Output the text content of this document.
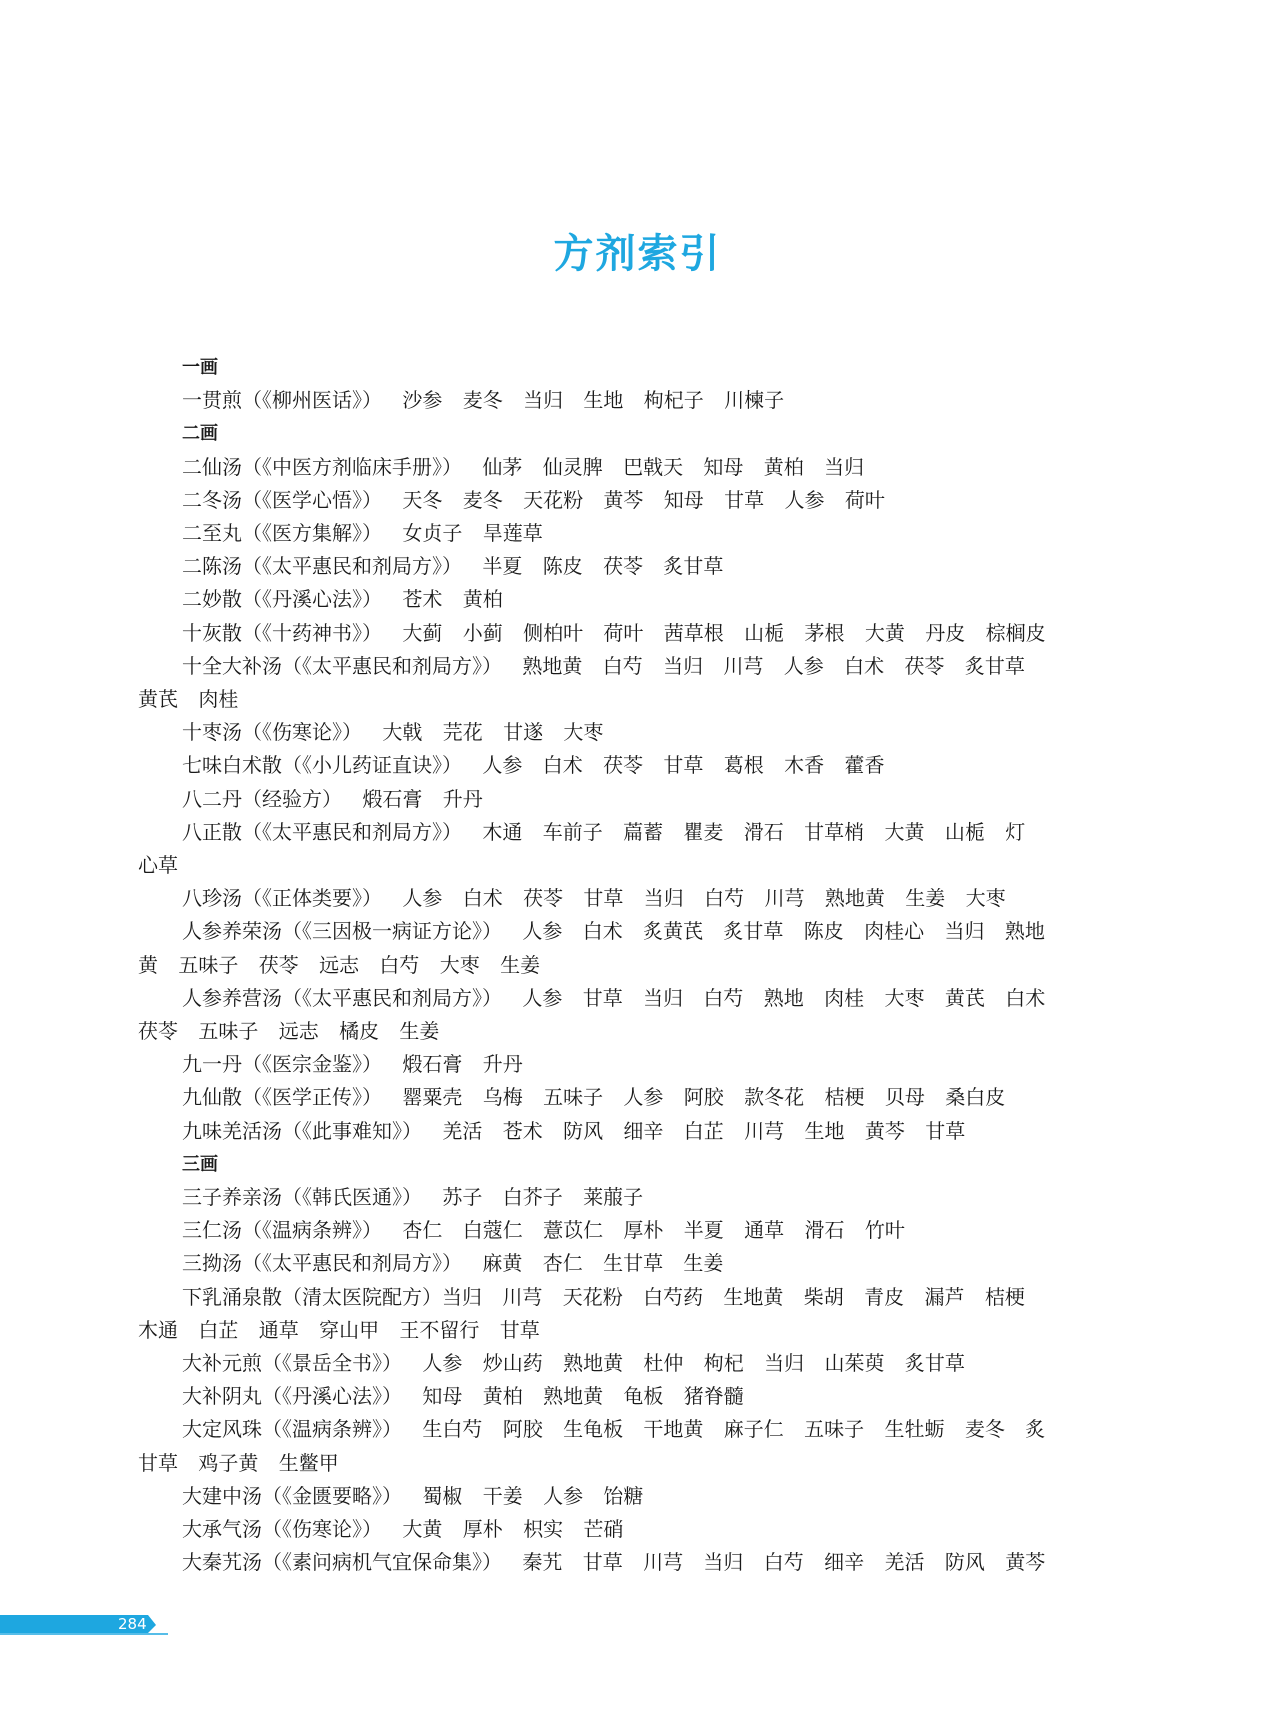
方剂索引
一画
一贯煎（《柳州医话》） 沙参 麦冬 当归 生地 枸杞子 川楝子
二画
二仙汤（《中医方剂临床手册》） 仙茅 仙灵脾 巴戟天 知母 黄柏 当归
二冬汤（《医学心悟》） 天冬 麦冬 天花粉 黄芩 知母 甘草 人参 荷叶
二至丸（《医方集解》） 女贞子 旱莲草
二陈汤（《太平惠民和剂局方》） 半夏 陈皮 茯苓 炙甘草
二妙散（《丹溪心法》） 苍术 黄柏
十灰散（《十药神书》） 大蓟 小蓟 侧柏叶 荷叶 茜草根 山栀 茅根 大黄 丹皮 棕榈皮
十全大补汤（《太平惠民和剂局方》） 熟地黄 白芍 当归 川芎 人参 白术 茯苓 炙甘草
黄芪 肉桂
十枣汤（《伤寒论》） 大戟 芫花 甘遂 大枣
七味白术散（《小儿药证直诀》） 人参 白术 茯苓 甘草 葛根 木香 藿香
八二丹（经验方） 煅石膏 升丹
八正散（《太平惠民和剂局方》） 木通 车前子 萹蓄 瞿麦 滑石 甘草梢 大黄 山栀 灯
心草
八珍汤（《正体类要》） 人参 白术 茯苓 甘草 当归 白芍 川芎 熟地黄 生姜 大枣
人参养荣汤（《三因极一病证方论》） 人参 白术 炙黄芪 炙甘草 陈皮 肉桂心 当归 熟地
黄 五味子 茯苓 远志 白芍 大枣 生姜
人参养营汤（《太平惠民和剂局方》） 人参 甘草 当归 白芍 熟地 肉桂 大枣 黄芪 白术
茯苓 五味子 远志 橘皮 生姜
九一丹（《医宗金鉴》） 煅石膏 升丹
九仙散（《医学正传》） 罂粟壳 乌梅 五味子 人参 阿胶 款冬花 桔梗 贝母 桑白皮
九味羌活汤（《此事难知》） 羌活 苍术 防风 细辛 白芷 川芎 生地 黄芩 甘草
三画
三子养亲汤（《韩氏医通》） 苏子 白芥子 莱菔子
三仁汤（《温病条辨》） 杏仁 白蔻仁 薏苡仁 厚朴 半夏 通草 滑石 竹叶
三拗汤（《太平惠民和剂局方》） 麻黄 杏仁 生甘草 生姜
下乳涌泉散（清太医院配方）当归 川芎 天花粉 白芍药 生地黄 柴胡 青皮 漏芦 桔梗
木通 白芷 通草 穿山甲 王不留行 甘草
大补元煎（《景岳全书》） 人参 炒山药 熟地黄 杜仲 枸杞 当归 山茱萸 炙甘草
大补阴丸（《丹溪心法》） 知母 黄柏 熟地黄 龟板 猪脊髓
大定风珠（《温病条辨》） 生白芍 阿胶 生龟板 干地黄 麻子仁 五味子 生牡蛎 麦冬 炙
甘草 鸡子黄 生鳖甲
大建中汤（《金匮要略》） 蜀椒 干姜 人参 饴糖
大承气汤（《伤寒论》） 大黄 厚朴 枳实 芒硝
大秦艽汤（《素问病机气宜保命集》） 秦艽 甘草 川芎 当归 白芍 细辛 羌活 防风 黄芩
284
